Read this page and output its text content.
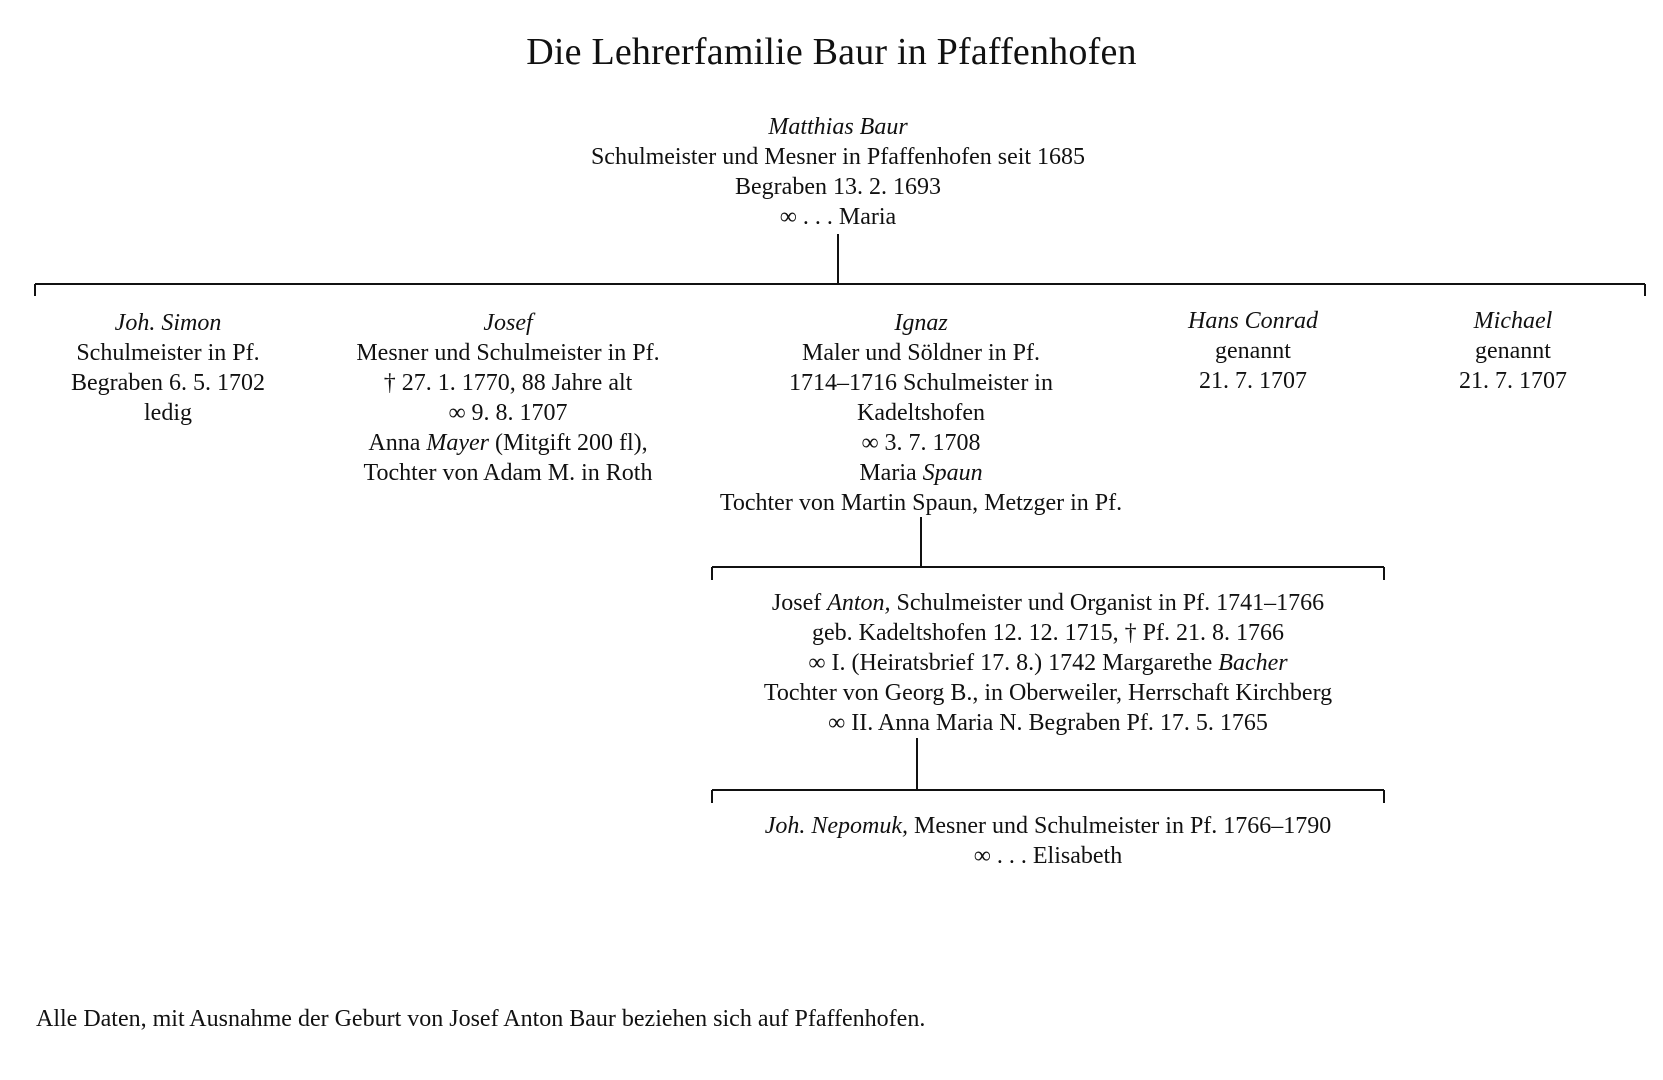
Die Lehrerfamilie Baur in Pfaffenhofen
Matthias Baur
Schulmeister und Mesner in Pfaffenhofen seit 1685
Begraben 13. 2. 1693
∞ . . . Maria
Joh. Simon
Schulmeister in Pf.
Begraben 6. 5. 1702
ledig
Josef
Mesner und Schulmeister in Pf.
† 27. 1. 1770, 88 Jahre alt
∞ 9. 8. 1707
Anna Mayer (Mitgift 200 fl),
Tochter von Adam M. in Roth
Ignaz
Maler und Söldner in Pf.
1714–1716 Schulmeister in
Kadeltshofen
∞ 3. 7. 1708
Maria Spaun
Tochter von Martin Spaun, Metzger in Pf.
Hans Conrad
genannt
21. 7. 1707
Michael
genannt
21. 7. 1707
Josef Anton, Schulmeister und Organist in Pf. 1741–1766
geb. Kadeltshofen 12. 12. 1715, † Pf. 21. 8. 1766
∞ I. (Heiratsbrief 17. 8.) 1742 Margarethe Bacher
Tochter von Georg B., in Oberweiler, Herrschaft Kirchberg
∞ II. Anna Maria N. Begraben Pf. 17. 5. 1765
Joh. Nepomuk, Mesner und Schulmeister in Pf. 1766–1790
∞ . . . Elisabeth
Alle Daten, mit Ausnahme der Geburt von Josef Anton Baur beziehen sich auf Pfaffenhofen.
